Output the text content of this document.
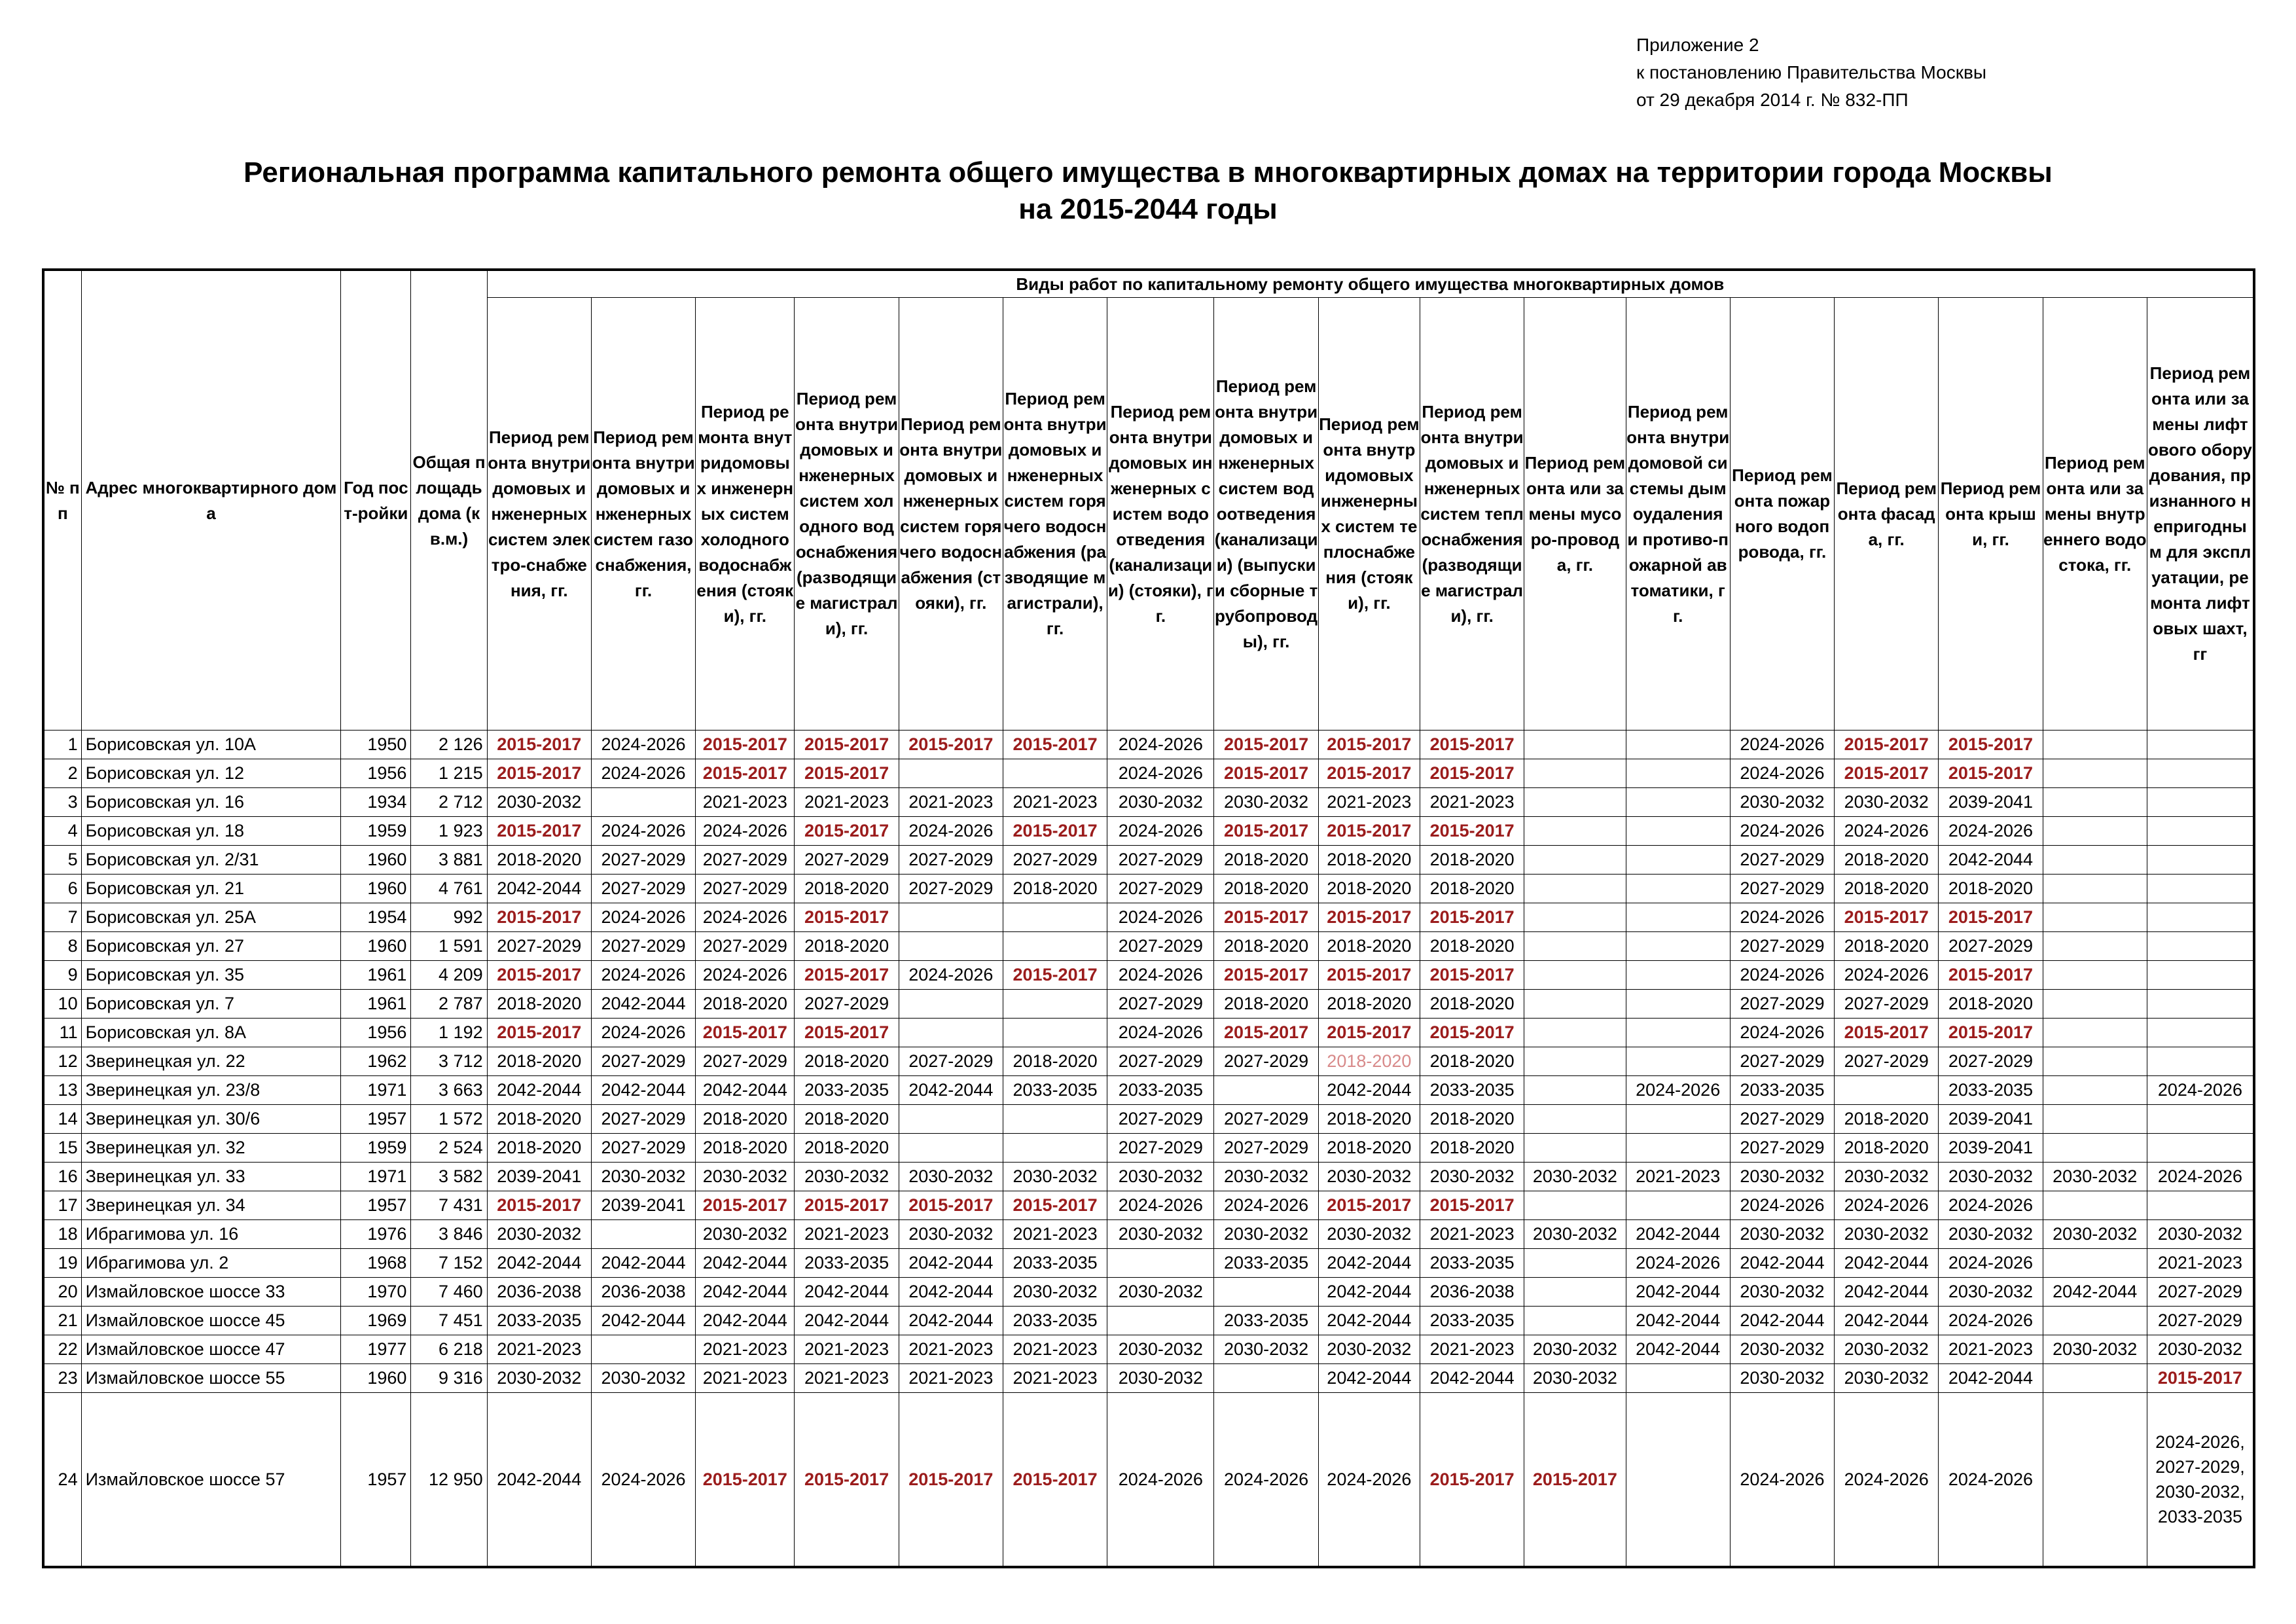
Приложение 2
к постановлению Правительства Москвы
от 29 декабря 2014 г. № 832-ПП
Региональная программа капитального ремонта общего имущества в многоквартирных домах на территории города Москвы
на 2015-2044 годы
№ пп	Адрес многоквартирного дома	Год пост-ройки	Общая площадь дома (кв.м.)	Виды работ по капитальному ремонту общего имущества многоквартирных домов																
				Период ремонта внутридомовых инженерных систем электро-снабжения, гг.	Период ремонта внутридомовых инженерных систем газоснабжения, гг.	Период ремонта внутридомовых инженерных систем холодного водоснабжения (стояки), гг.	Период ремонта внутридомовых инженерных систем холодного водоснабжения (разводящие магистрали), гг.	Период ремонта внутридомовых инженерных систем горячего водоснабжения (стояки), гг.	Период ремонта внутридомовых инженерных систем горячего водоснабжения (разводящие магистрали), гг.	Период ремонта внутридомовых инженерных систем водоотведения (канализации) (стояки), гг.	Период ремонта внутридомовых инженерных систем водоотведения (канализации) (выпуски и сборные трубопроводы), гг.	Период ремонта внутридомовых инженерных систем теплоснабжения (стояки), гг.	Период ремонта внутридомовых инженерных систем теплоснабжения (разводящие магистрали), гг.	Период ремонта или замены мусоро-провода, гг.	Период ремонта внутридомовой системы дымоудаления и противо-пожарной автоматики, гг.	Период ремонта пожарного водопровода, гг.	Период ремонта фасада, гг.	Период ремонта крыши, гг.	Период ремонта или замены внутреннего водостока, гг.	Период ремонта или замены лифтового оборудования, признанного непригодным для эксплуатации, ремонта лифтовых шахт, гг
1	Борисовская ул. 10А	1950	2 126	2015-2017	2024-2026	2015-2017	2015-2017	2015-2017	2015-2017	2024-2026	2015-2017	2015-2017	2015-2017			2024-2026	2015-2017	2015-2017		
2	Борисовская ул. 12	1956	1 215	2015-2017	2024-2026	2015-2017	2015-2017			2024-2026	2015-2017	2015-2017	2015-2017			2024-2026	2015-2017	2015-2017		
3	Борисовская ул. 16	1934	2 712	2030-2032		2021-2023	2021-2023	2021-2023	2021-2023	2030-2032	2030-2032	2021-2023	2021-2023			2030-2032	2030-2032	2039-2041		
4	Борисовская ул. 18	1959	1 923	2015-2017	2024-2026	2024-2026	2015-2017	2024-2026	2015-2017	2024-2026	2015-2017	2015-2017	2015-2017			2024-2026	2024-2026	2024-2026		
5	Борисовская ул. 2/31	1960	3 881	2018-2020	2027-2029	2027-2029	2027-2029	2027-2029	2027-2029	2027-2029	2018-2020	2018-2020	2018-2020			2027-2029	2018-2020	2042-2044		
6	Борисовская ул. 21	1960	4 761	2042-2044	2027-2029	2027-2029	2018-2020	2027-2029	2018-2020	2027-2029	2018-2020	2018-2020	2018-2020			2027-2029	2018-2020	2018-2020		
7	Борисовская ул. 25А	1954	992	2015-2017	2024-2026	2024-2026	2015-2017			2024-2026	2015-2017	2015-2017	2015-2017			2024-2026	2015-2017	2015-2017		
8	Борисовская ул. 27	1960	1 591	2027-2029	2027-2029	2027-2029	2018-2020			2027-2029	2018-2020	2018-2020	2018-2020			2027-2029	2018-2020	2027-2029		
9	Борисовская ул. 35	1961	4 209	2015-2017	2024-2026	2024-2026	2015-2017	2024-2026	2015-2017	2024-2026	2015-2017	2015-2017	2015-2017			2024-2026	2024-2026	2015-2017		
10	Борисовская ул. 7	1961	2 787	2018-2020	2042-2044	2018-2020	2027-2029			2027-2029	2018-2020	2018-2020	2018-2020			2027-2029	2027-2029	2018-2020		
11	Борисовская ул. 8А	1956	1 192	2015-2017	2024-2026	2015-2017	2015-2017			2024-2026	2015-2017	2015-2017	2015-2017			2024-2026	2015-2017	2015-2017		
12	Зверинецкая ул. 22	1962	3 712	2018-2020	2027-2029	2027-2029	2018-2020	2027-2029	2018-2020	2027-2029	2027-2029	2018-2020	2018-2020			2027-2029	2027-2029	2027-2029		
13	Зверинецкая ул. 23/8	1971	3 663	2042-2044	2042-2044	2042-2044	2033-2035	2042-2044	2033-2035	2033-2035		2042-2044	2033-2035		2024-2026	2033-2035		2033-2035		2024-2026
14	Зверинецкая ул. 30/6	1957	1 572	2018-2020	2027-2029	2018-2020	2018-2020			2027-2029	2027-2029	2018-2020	2018-2020			2027-2029	2018-2020	2039-2041		
15	Зверинецкая ул. 32	1959	2 524	2018-2020	2027-2029	2018-2020	2018-2020			2027-2029	2027-2029	2018-2020	2018-2020			2027-2029	2018-2020	2039-2041		
16	Зверинецкая ул. 33	1971	3 582	2039-2041	2030-2032	2030-2032	2030-2032	2030-2032	2030-2032	2030-2032	2030-2032	2030-2032	2030-2032	2030-2032	2021-2023	2030-2032	2030-2032	2030-2032	2030-2032	2024-2026
17	Зверинецкая ул. 34	1957	7 431	2015-2017	2039-2041	2015-2017	2015-2017	2015-2017	2015-2017	2024-2026	2024-2026	2015-2017	2015-2017			2024-2026	2024-2026	2024-2026		
18	Ибрагимова ул. 16	1976	3 846	2030-2032		2030-2032	2021-2023	2030-2032	2021-2023	2030-2032	2030-2032	2030-2032	2021-2023	2030-2032	2042-2044	2030-2032	2030-2032	2030-2032	2030-2032	2030-2032
19	Ибрагимова ул. 2	1968	7 152	2042-2044	2042-2044	2042-2044	2033-2035	2042-2044	2033-2035		2033-2035	2042-2044	2033-2035		2024-2026	2042-2044	2042-2044	2024-2026		2021-2023
20	Измайловское шоссе 33	1970	7 460	2036-2038	2036-2038	2042-2044	2042-2044	2042-2044	2030-2032	2030-2032		2042-2044	2036-2038		2042-2044	2030-2032	2042-2044	2030-2032	2042-2044	2027-2029
21	Измайловское шоссе 45	1969	7 451	2033-2035	2042-2044	2042-2044	2042-2044	2042-2044	2033-2035		2033-2035	2042-2044	2033-2035		2042-2044	2042-2044	2042-2044	2024-2026		2027-2029
22	Измайловское шоссе 47	1977	6 218	2021-2023		2021-2023	2021-2023	2021-2023	2021-2023	2030-2032	2030-2032	2030-2032	2021-2023	2030-2032	2042-2044	2030-2032	2030-2032	2021-2023	2030-2032	2030-2032
23	Измайловское шоссе 55	1960	9 316	2030-2032	2030-2032	2021-2023	2021-2023	2021-2023	2021-2023	2030-2032		2042-2044	2042-2044	2030-2032		2030-2032	2030-2032	2042-2044		2015-2017
24	Измайловское шоссе 57	1957	12 950	2042-2044	2024-2026	2015-2017	2015-2017	2015-2017	2015-2017	2024-2026	2024-2026	2024-2026	2015-2017	2015-2017		2024-2026	2024-2026	2024-2026		2024-2026, 2027-2029, 2030-2032, 2033-2035
